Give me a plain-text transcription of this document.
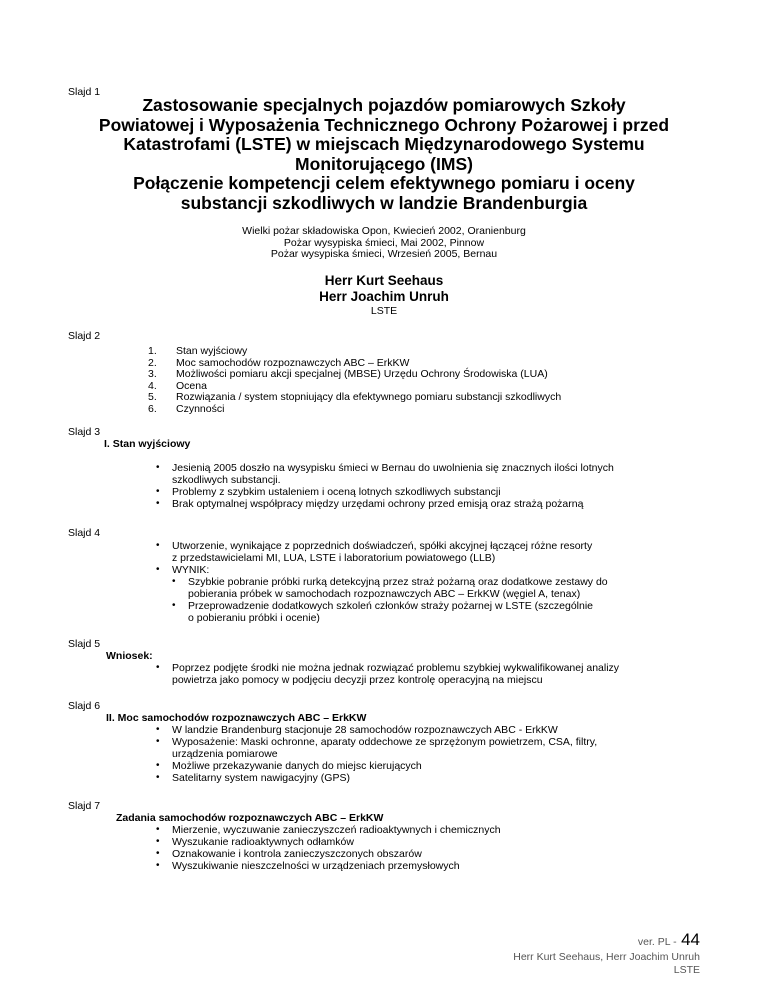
Slajd 1
Zastosowanie specjalnych pojazdów pomiarowych Szkoły
Powiatowej i Wyposażenia Technicznego Ochrony Pożarowej i przed
Katastrofami (LSTE) w miejscach Międzynarodowego Systemu
Monitorującego (IMS)
Połączenie kompetencji celem efektywnego pomiaru i oceny
substancji szkodliwych w landzie Brandenburgia
Wielki pożar składowiska Opon, Kwiecień 2002, Oranienburg
Pożar wysypiska śmieci, Mai 2002, Pinnow
Pożar wysypiska śmieci, Wrzesień 2005, Bernau
Herr Kurt Seehaus
Herr Joachim Unruh
LSTE
Slajd 2
1.	Stan wyjściowy
2.	Moc samochodów rozpoznawczych ABC – ErkKW
3.	Możliwości pomiaru akcji specjalnej (MBSE) Urzędu Ochrony Środowiska (LUA)
4.	Ocena
5.	Rozwiązania / system stopniujący dla efektywnego pomiaru substancji szkodliwych
6.	Czynności
Slajd 3
I. Stan wyjściowy
•	Jesienią 2005 doszło na wysypisku śmieci w Bernau do uwolnienia się znacznych ilości lotnych
szkodliwych substancji.
•	Problemy z szybkim ustaleniem i oceną lotnych szkodliwych substancji
•	Brak optymalnej współpracy między urzędami ochrony przed emisją oraz strażą pożarną
Slajd 4
•	Utworzenie, wynikające z poprzednich doświadczeń, spółki akcyjnej łączącej różne resorty
z przedstawicielami MI, LUA, LSTE i laboratorium powiatowego (LLB)
•	WYNIK:
•	Szybkie pobranie próbki rurką detekcyjną przez straż pożarną oraz dodatkowe zestawy do
pobierania próbek w samochodach rozpoznawczych ABC – ErkKW (węgiel A, tenax)
•	Przeprowadzenie dodatkowych szkoleń członków straży pożarnej w LSTE (szczególnie
o pobieraniu próbki i ocenie)
Slajd 5
Wniosek:
•	Poprzez podjęte środki nie można jednak rozwiązać problemu szybkiej wykwalifikowanej analizy
powietrza jako pomocy w podjęciu decyzji przez kontrolę operacyjną na miejscu
Slajd 6
II. Moc samochodów rozpoznawczych ABC – ErkKW
•	W landzie Brandenburg stacjonuje 28 samochodów rozpoznawczych ABC - ErkKW
•	Wyposażenie: Maski ochronne, aparaty oddechowe ze sprzężonym powietrzem, CSA, filtry,
urządzenia pomiarowe
•	Możliwe przekazywanie danych do miejsc kierujących
•	Satelitarny system nawigacyjny (GPS)
Slajd 7
Zadania samochodów rozpoznawczych ABC – ErkKW
•	Mierzenie, wyczuwanie zanieczyszczeń radioaktywnych i chemicznych
•	Wyszukanie radioaktywnych odłamków
•	Oznakowanie i kontrola zanieczyszczonych obszarów
•	Wyszukiwanie nieszczelności w urządzeniach przemysłowych
ver. PL - 44
Herr Kurt Seehaus, Herr Joachim Unruh
LSTE
